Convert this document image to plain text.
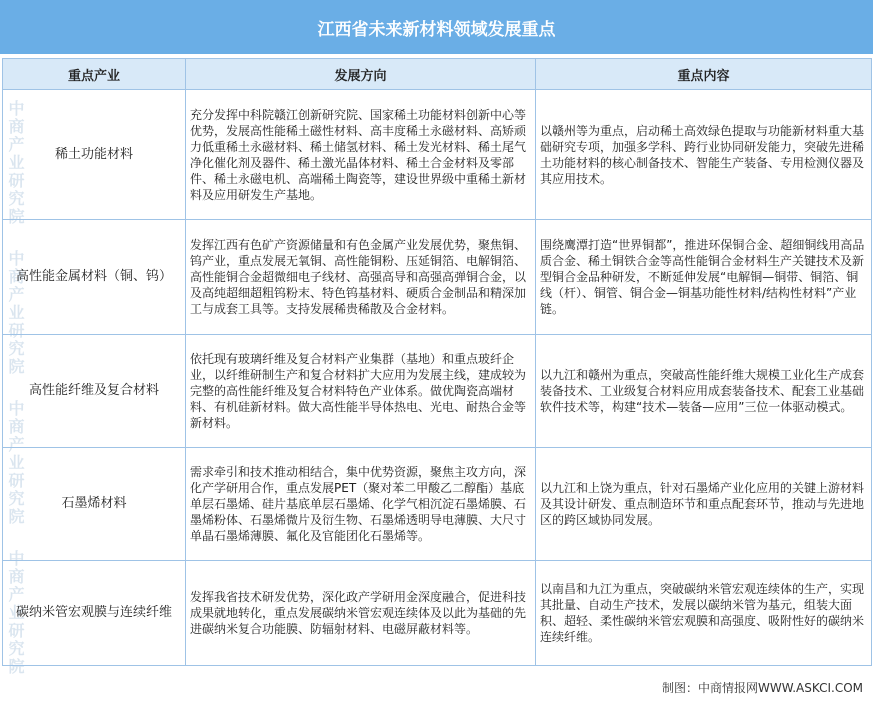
江西省未来新材料领域发展重点
中商产业研究院
中商产业研究院
中商产业研究院
中商产业研究院
重点产业	发展方向	重点内容
稀土功能材料	充分发挥中科院赣江创新研究院、国家稀土功能材料创新中心等优势，发展高性能稀土磁性材料、高丰度稀土永磁材料、高矫顽力低重稀土永磁材料、稀土储氢材料、稀土发光材料、稀土尾气净化催化剂及器件、稀土激光晶体材料、稀土合金材料及零部件、稀土永磁电机、高端稀土陶瓷等，建设世界级中重稀土新材料及应用研发生产基地。	以赣州等为重点，启动稀土高效绿色提取与功能新材料重大基础研究专项，加强多学科、跨行业协同研发能力，突破先进稀土功能材料的核心制备技术、智能生产装备、专用检测仪器及其应用技术。
高性能金属材料（铜、钨）	发挥江西有色矿产资源储量和有色金属产业发展优势，聚焦铜、钨产业，重点发展无氧铜、高性能铜粉、压延铜箔、电解铜箔、高性能铜合金超微细电子线材、高强高导和高强高弹铜合金，以及高纯超细超粗钨粉末、特色钨基材料、硬质合金制品和精深加工与成套工具等。支持发展稀贵稀散及合金材料。	围绕鹰潭打造“世界铜都”，推进环保铜合金、超细铜线用高品质合金、稀土铜铁合金等高性能铜合金材料生产关键技术及新型铜合金品种研发，不断延伸发展“电解铜—铜带、铜箔、铜线（杆）、铜管、铜合金—铜基功能性材料/结构性材料”产业链。
高性能纤维及复合材料	依托现有玻璃纤维及复合材料产业集群（基地）和重点玻纤企业，以纤维研制生产和复合材料扩大应用为发展主线，建成较为完整的高性能纤维及复合材料特色产业体系。做优陶瓷高端材料、有机硅新材料。做大高性能半导体热电、光电、耐热合金等新材料。	以九江和赣州为重点，突破高性能纤维大规模工业化生产成套装备技术、工业级复合材料应用成套装备技术、配套工业基础软件技术等，构建“技术—装备—应用”三位一体驱动模式。
石墨烯材料	需求牵引和技术推动相结合，集中优势资源，聚焦主攻方向，深化产学研用合作，重点发展PET（聚对苯二甲酸乙二醇酯）基底单层石墨烯、硅片基底单层石墨烯、化学气相沉淀石墨烯膜、石墨烯粉体、石墨烯微片及衍生物、石墨烯透明导电薄膜、大尺寸单晶石墨烯薄膜、氟化及官能团化石墨烯等。	以九江和上饶为重点，针对石墨烯产业化应用的关键上游材料及其设计研发、重点制造环节和重点配套环节，推动与先进地区的跨区域协同发展。
碳纳米管宏观膜与连续纤维	发挥我省技术研发优势，深化政产学研用金深度融合，促进科技成果就地转化，重点发展碳纳米管宏观连续体及以此为基础的先进碳纳米复合功能膜、防辐射材料、电磁屏蔽材料等。	以南昌和九江为重点，突破碳纳米管宏观连续体的生产，实现其批量、自动生产技术，发展以碳纳米管为基元，组装大面积、超轻、柔性碳纳米管宏观膜和高强度、吸附性好的碳纳米连续纤维。
制图：中商情报网WWW.ASKCI.COM
